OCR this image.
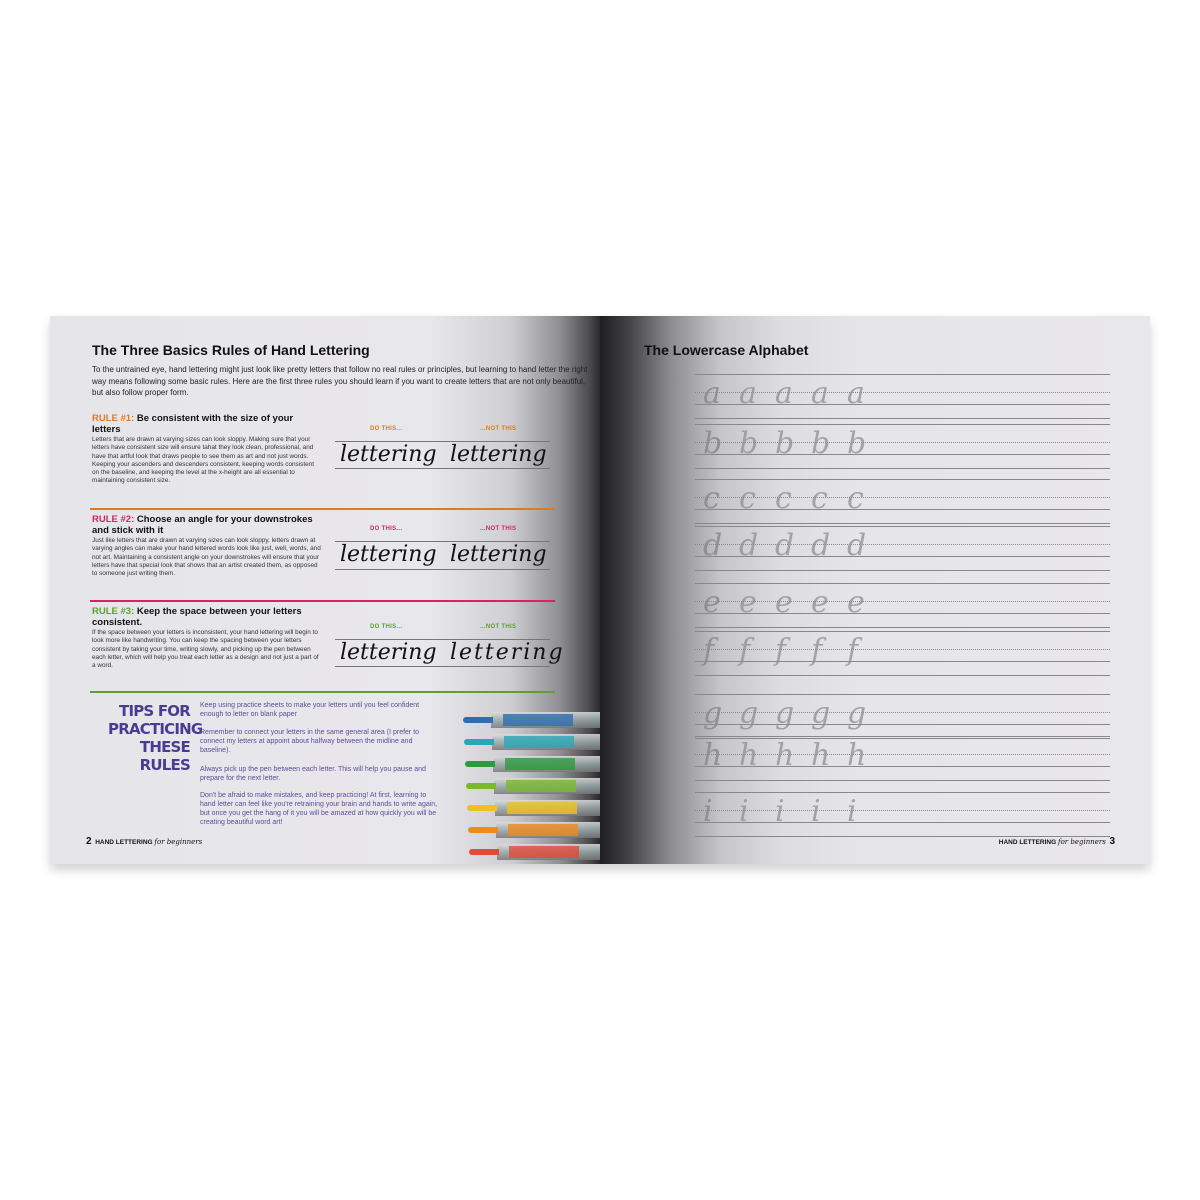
The Three Basics Rules of Hand Lettering
To the untrained eye, hand lettering might just look like pretty letters that follow no real rules or principles, but learning to hand letter the right way means following some basic rules. Here are the first three rules you should learn if you want to create letters that are not only beautiful, but also follow proper form.
RULE #1: Be consistent with the size of your letters
Letters that are drawn at varying sizes can look sloppy. Making sure that your letters have consistent size will ensure tahat they look clean, professional, and have that artful look that draws people to see them as art and not just words. Keeping your ascenders and descenders consistent, keeping words consistent on the baseline, and keeping the level at the x-height are all essential to maintaining consistent size.
DO THIS...	...NOT THIS
lettering lettering
RULE #2: Choose an angle for your downstrokes and stick with it
Just like letters that are drawn at varying sizes can look sloppy, letters drawn at varying angles can make your hand lettered words look like just, well, words, and not art. Maintaining a consistent angle on your downstrokes will ensure that your letters have that special look that shows that an artist created them, as opposed to someone just writing them.
DO THIS...	...NOT THIS
lettering lettering
RULE #3: Keep the space between your letters consistent.
If the space between your letters is inconsistent, your hand lettering will begin to look more like handwriting. You can keep the spacing between your letters consistent by taking your time, writing slowly, and picking up the pen between each letter, which will help you treat each letter as a design and not just a part of a word.
DO THIS...	...NOT THIS
lettering lettering
TIPS FOR
PRACTICING
THESE RULES
Keep using practice sheets to make your letters until you feel confident enough to letter on blank paper
Remember to connect your letters in the same general area (I prefer to connect my letters at appoint about halfway between the midline and baseline).
Always pick up the pen between each letter. This will help you pause and prepare for the next letter.
Don't be afraid to make mistakes, and keep practicing! At first, learning to hand letter can feel like you're retraining your brain and hands to write again, but once you get the hang of it you will be amazed at how quickly you will be creating beautiful word art!
2 HAND LETTERING for beginners
The Lowercase Alphabet
a a a a a
b b b b b
c c c c c
d d d d d
e e e e e
f f f f f
g g g g g
h h h h h
i i i i i
HAND LETTERING for beginners 3
